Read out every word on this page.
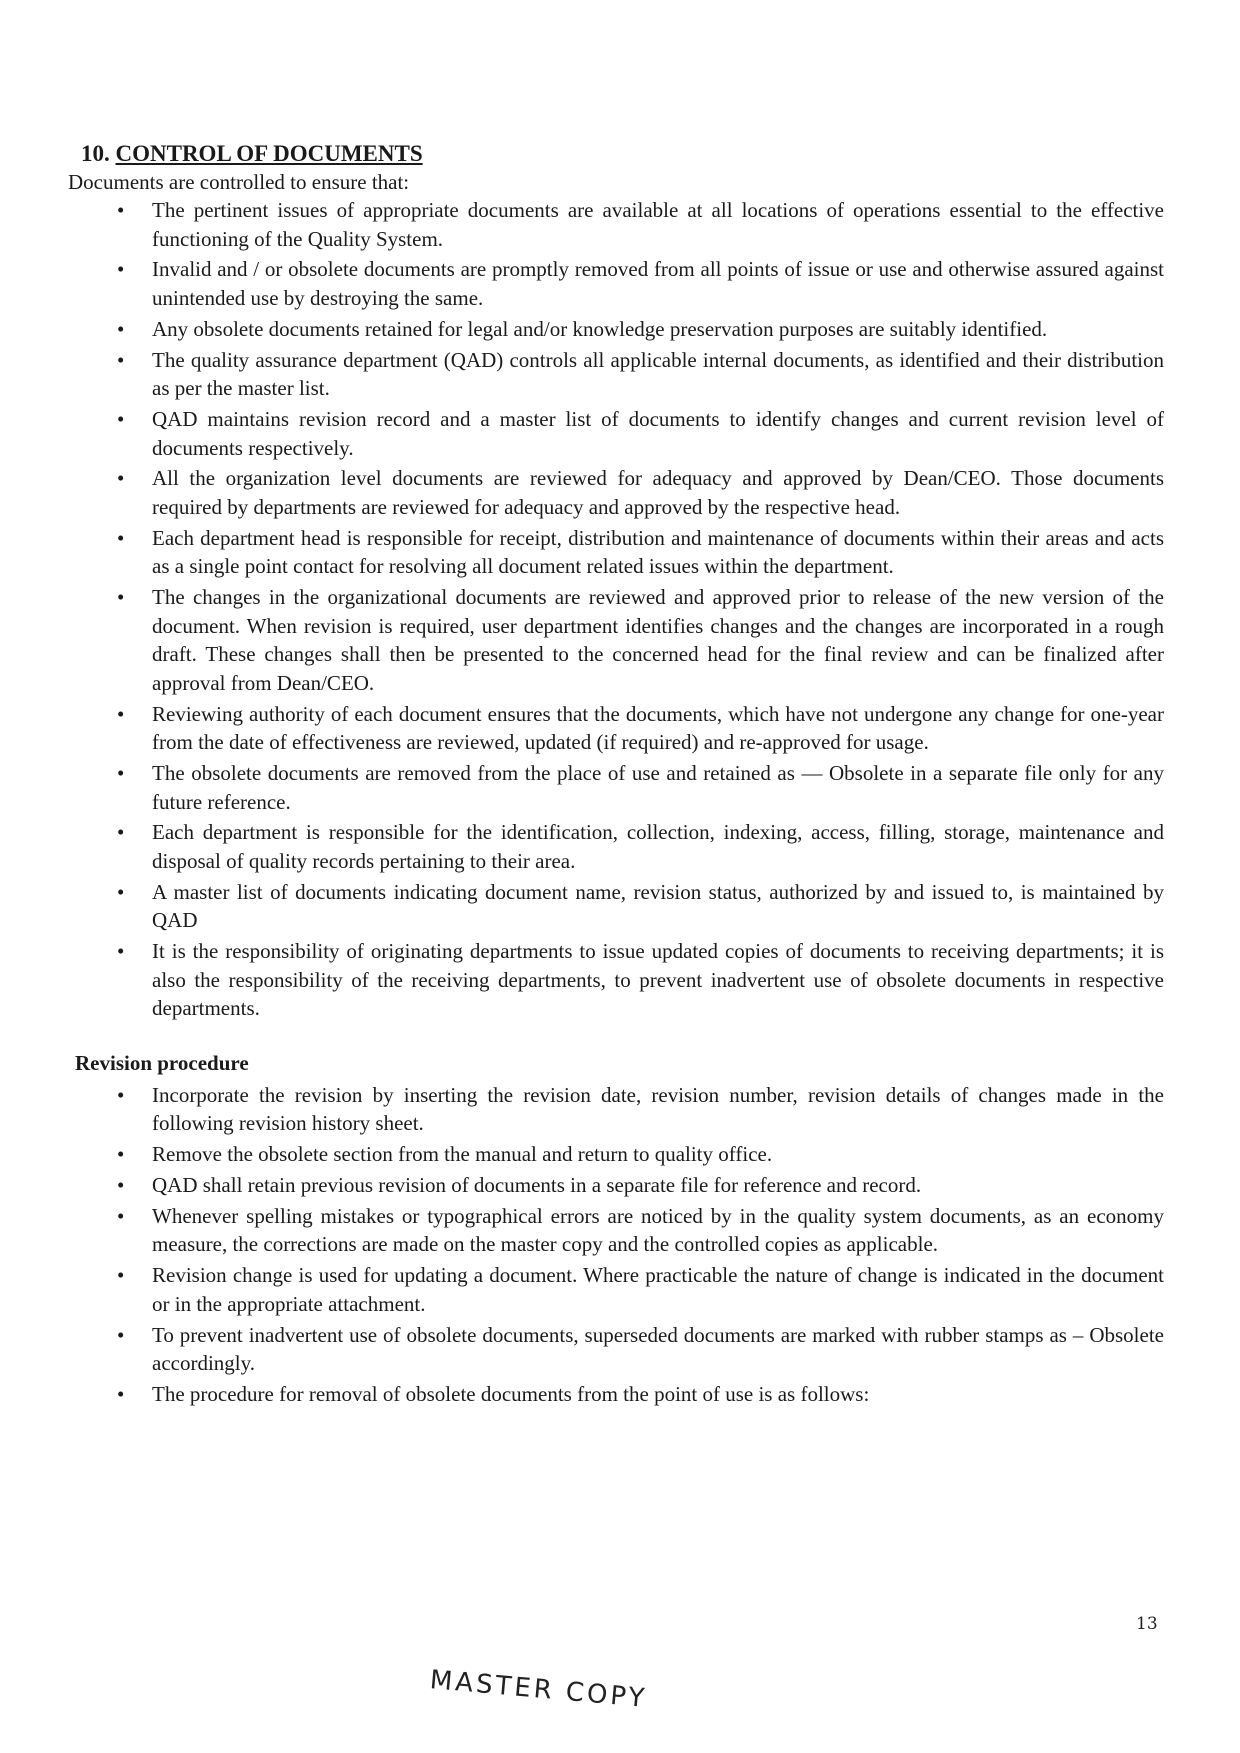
10. CONTROL OF DOCUMENTS

Documents are controlled to ensure that:

• The pertinent issues of appropriate documents are available at all locations of operations essential to the effective functioning of the Quality System.
• Invalid and / or obsolete documents are promptly removed from all points of issue or use and otherwise assured against unintended use by destroying the same.
• Any obsolete documents retained for legal and/or knowledge preservation purposes are suitably identified.
• The quality assurance department (QAD) controls all applicable internal documents, as identified and their distribution as per the master list.
• QAD maintains revision record and a master list of documents to identify changes and current revision level of documents respectively.
• All the organization level documents are reviewed for adequacy and approved by Dean/CEO. Those documents required by departments are reviewed for adequacy and approved by the respective head.
• Each department head is responsible for receipt, distribution and maintenance of documents within their areas and acts as a single point contact for resolving all document related issues within the department.
• The changes in the organizational documents are reviewed and approved prior to release of the new version of the document. When revision is required, user department identifies changes and the changes are incorporated in a rough draft. These changes shall then be presented to the concerned head for the final review and can be finalized after approval from Dean/CEO.
• Reviewing authority of each document ensures that the documents, which have not undergone any change for one-year from the date of effectiveness are reviewed, updated (if required) and re-approved for usage.
• The obsolete documents are removed from the place of use and retained as — Obsolete in a separate file only for any future reference.
• Each department is responsible for the identification, collection, indexing, access, filling, storage, maintenance and disposal of quality records pertaining to their area.
• A master list of documents indicating document name, revision status, authorized by and issued to, is maintained by QAD
• It is the responsibility of originating departments to issue updated copies of documents to receiving departments; it is also the responsibility of the receiving departments, to prevent inadvertent use of obsolete documents in respective departments.
Revision procedure
• Incorporate the revision by inserting the revision date, revision number, revision details of changes made in the following revision history sheet.
• Remove the obsolete section from the manual and return to quality office.
• QAD shall retain previous revision of documents in a separate file for reference and record.
• Whenever spelling mistakes or typographical errors are noticed by in the quality system documents, as an economy measure, the corrections are made on the master copy and the controlled copies as applicable.
• Revision change is used for updating a document. Where practicable the nature of change is indicated in the document or in the appropriate attachment.
• To prevent inadvertent use of obsolete documents, superseded documents are marked with rubber stamps as – Obsolete accordingly.
• The procedure for removal of obsolete documents from the point of use is as follows:
13
MASTER COPY
